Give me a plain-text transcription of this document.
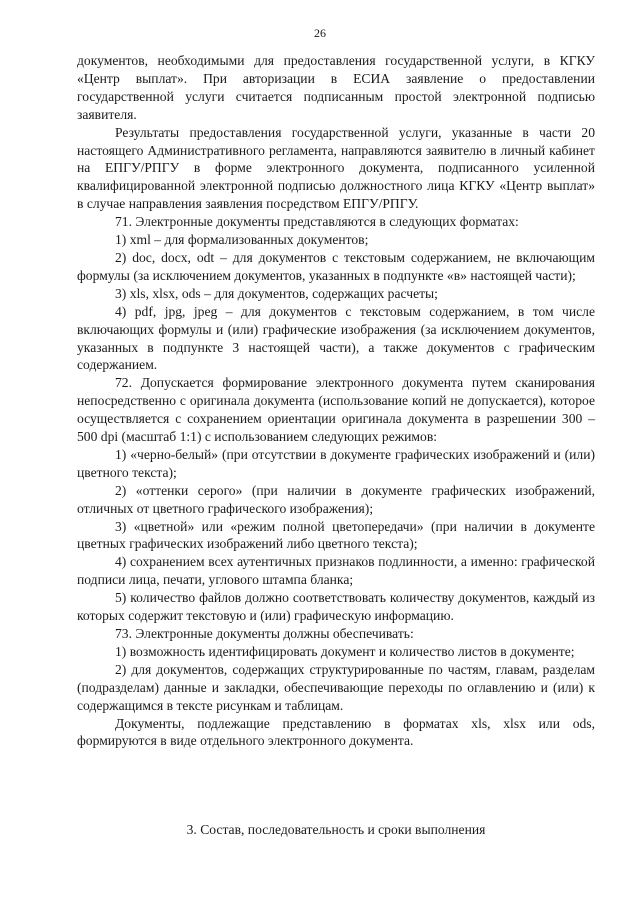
26

документов, необходимыми для предоставления государственной услуги, в КГКУ «Центр выплат». При авторизации в ЕСИА заявление о предоставлении государственной услуги считается подписанным простой электронной подписью заявителя.

Результаты предоставления государственной услуги, указанные в части 20 настоящего Административного регламента, направляются заявителю в личный кабинет на ЕПГУ/РПГУ в форме электронного документа, подписанного усиленной квалифицированной электронной подписью должностного лица КГКУ «Центр выплат» в случае направления заявления посредством ЕПГУ/РПГУ.

71. Электронные документы представляются в следующих форматах:

1) xml – для формализованных документов;

2) doc, docx, odt – для документов с текстовым содержанием, не включающим формулы (за исключением документов, указанных в подпункте «в» настоящей части);

3) xls, xlsx, ods – для документов, содержащих расчеты;

4) pdf, jpg, jpeg – для документов с текстовым содержанием, в том числе включающих формулы и (или) графические изображения (за исключением документов, указанных в подпункте 3 настоящей части), а также документов с графическим содержанием.

72. Допускается формирование электронного документа путем сканирования непосредственно с оригинала документа (использование копий не допускается), которое осуществляется с сохранением ориентации оригинала документа в разрешении 300 – 500 dpi (масштаб 1:1) с использованием следующих режимов:

1) «черно-белый» (при отсутствии в документе графических изображений и (или) цветного текста);

2) «оттенки серого» (при наличии в документе графических изображений, отличных от цветного графического изображения);

3) «цветной» или «режим полной цветопередачи» (при наличии в документе цветных графических изображений либо цветного текста);

4) сохранением всех аутентичных признаков подлинности, а именно: графической подписи лица, печати, углового штампа бланка;

5) количество файлов должно соответствовать количеству документов, каждый из которых содержит текстовую и (или) графическую информацию.

73. Электронные документы должны обеспечивать:

1) возможность идентифицировать документ и количество листов в документе;

2) для документов, содержащих структурированные по частям, главам, разделам (подразделам) данные и закладки, обеспечивающие переходы по оглавлению и (или) к содержащимся в тексте рисункам и таблицам.

Документы, подлежащие представлению в форматах xls, xlsx или ods, формируются в виде отдельного электронного документа.

3. Состав, последовательность и сроки выполнения
